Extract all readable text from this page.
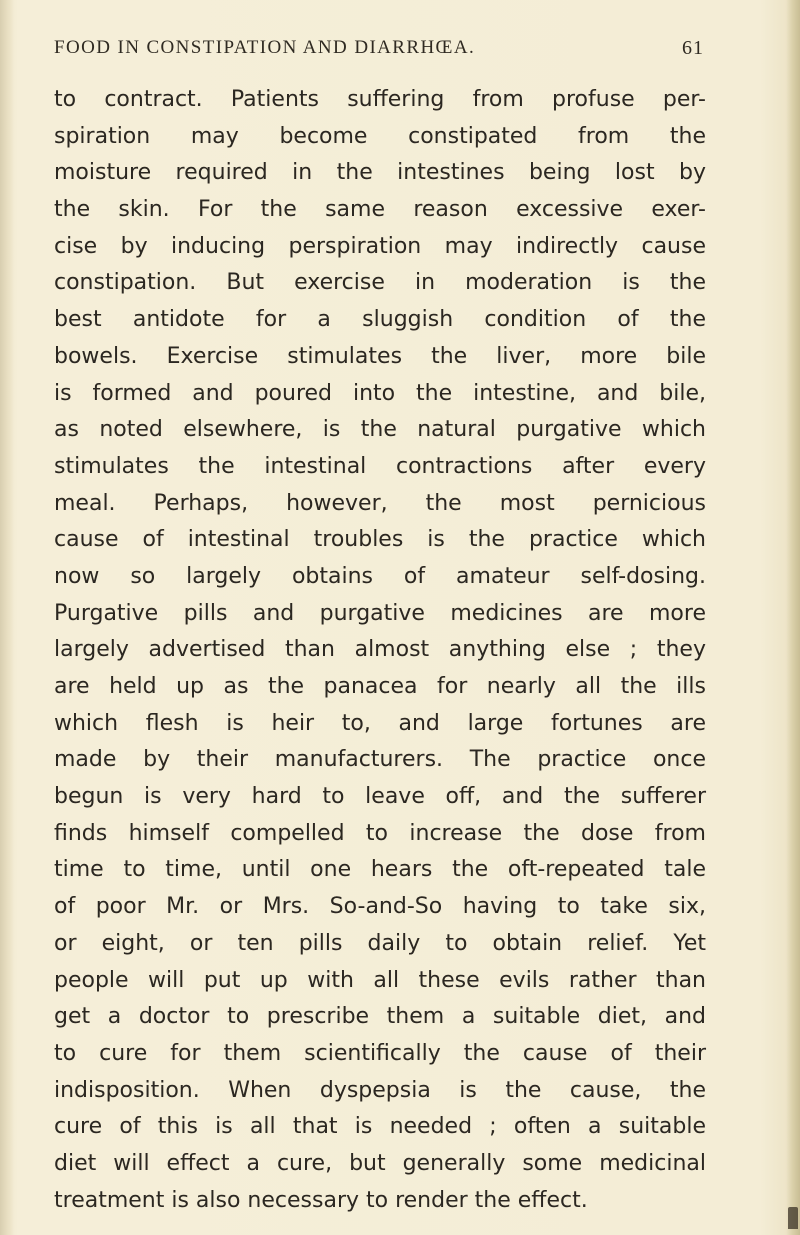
FOOD IN CONSTIPATION AND DIARRHŒA.	61
to contract. Patients suffering from profuse per-
spiration may become constipated from the
moisture required in the intestines being lost by
the skin. For the same reason excessive exer-
cise by inducing perspiration may indirectly cause
constipation. But exercise in moderation is the
best antidote for a sluggish condition of the
bowels. Exercise stimulates the liver, more bile
is formed and poured into the intestine, and bile,
as noted elsewhere, is the natural purgative which
stimulates the intestinal contractions after every
meal. Perhaps, however, the most pernicious
cause of intestinal troubles is the practice which
now so largely obtains of amateur self-dosing.
Purgative pills and purgative medicines are more
largely advertised than almost anything else ; they
are held up as the panacea for nearly all the ills
which flesh is heir to, and large fortunes are
made by their manufacturers. The practice once
begun is very hard to leave off, and the sufferer
finds himself compelled to increase the dose from
time to time, until one hears the oft-repeated tale
of poor Mr. or Mrs. So-and-So having to take six,
or eight, or ten pills daily to obtain relief. Yet
people will put up with all these evils rather than
get a doctor to prescribe them a suitable diet, and
to cure for them scientifically the cause of their
indisposition. When dyspepsia is the cause, the
cure of this is all that is needed ; often a suitable
diet will effect a cure, but generally some medicinal
treatment is also necessary to render the effect.
